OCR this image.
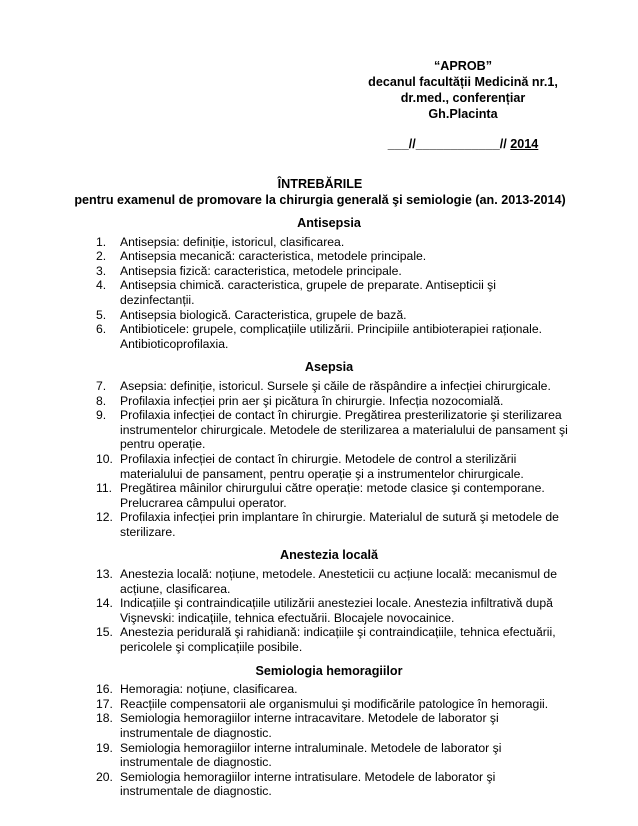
“APROB”
decanul facultății Medicină nr.1,
dr.med., conferențiar
Gh.Placinta
___//____________// 2014
ÎNTREBĂRILE
pentru examenul de promovare la chirurgia generală şi semiologie (an. 2013-2014)
Antisepsia
1.	Antisepsia: definiție, istoricul, clasificarea.
2.	Antisepsia mecanică: caracteristica, metodele principale.
3.	Antisepsia fizică: caracteristica, metodele principale.
4.	Antisepsia chimică. caracteristica, grupele de preparate. Antisepticii şi dezinfectanții.
5.	Antisepsia biologică. Caracteristica, grupele de bază.
6.	Antibioticele: grupele, complicațiile utilizării. Principiile antibioterapiei raționale. Antibioticoprofilaxia.
Asepsia
7.	Asepsia: definiție, istoricul. Sursele şi căile de răspândire a infecției chirurgicale.
8.	Profilaxia infecției prin aer şi picătura în chirurgie. Infecția nozocomială.
9.	Profilaxia infecției de contact în chirurgie. Pregătirea presterilizatorie şi sterilizarea instrumentelor chirurgicale. Metodele de sterilizarea a materialului de pansament şi pentru operație.
10. Profilaxia infecției de contact în chirurgie. Metodele de control a sterilizării materialului de pansament, pentru operație şi a instrumentelor chirurgicale.
11. Pregătirea mâinilor chirurgului către operație: metode clasice şi contemporane. Prelucrarea câmpului operator.
12. Profilaxia infecției prin implantare în chirurgie. Materialul de sutură şi metodele de sterilizare.
Anestezia locală
13. Anestezia locală: noțiune, metodele. Anesteticii cu acțiune locală: mecanismul de acțiune, clasificarea.
14. Indicațiile şi contraindicațiile utilizării anesteziei locale. Anestezia infiltrativă după Vişnevski: indicațiile, tehnica efectuării. Blocajele novocainice.
15. Anestezia peridurală şi rahidiană: indicațiile şi contraindicațiile, tehnica efectuării, pericolele şi complicațiile posibile.
Semiologia hemoragiilor
16. Hemoragia: noțiune, clasificarea.
17. Reacțiile compensatorii ale organismului şi modificările patologice în hemoragii.
18. Semiologia hemoragiilor interne intracavitare. Metodele de laborator şi instrumentale de diagnostic.
19. Semiologia hemoragiilor interne intraluminale. Metodele de laborator şi instrumentale de diagnostic.
20. Semiologia hemoragiilor interne intratisulare. Metodele de laborator şi instrumentale de diagnostic.
